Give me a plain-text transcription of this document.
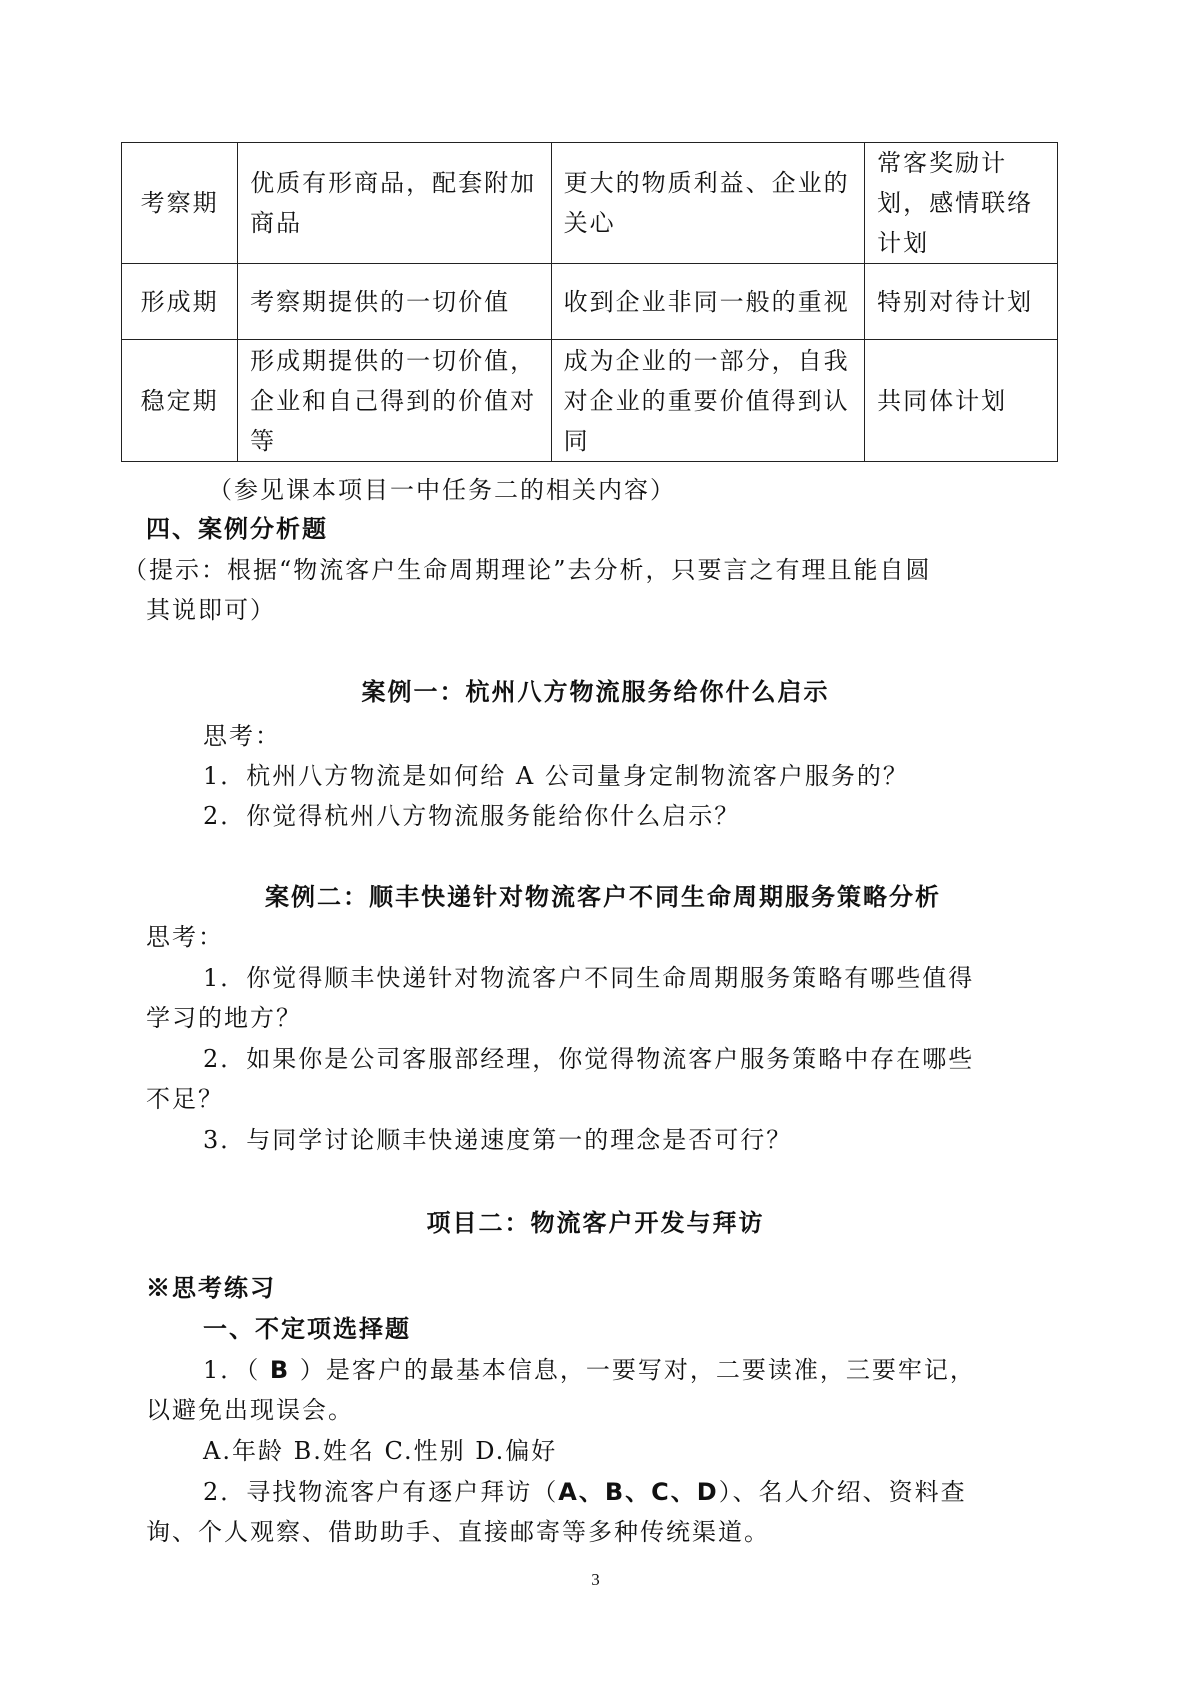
考察期	优质有形商品，配套附加商品	更大的物质利益、企业的关心	常客奖励计划，感情联络计划
形成期	考察期提供的一切价值	收到企业非同一般的重视	特别对待计划
稳定期	形成期提供的一切价值，企业和自己得到的价值对等	成为企业的一部分，自我对企业的重要价值得到认同	共同体计划
（参见课本项目一中任务二的相关内容）
四、案例分析题
（提示：根据“物流客户生命周期理论”去分析，只要言之有理且能自圆
其说即可）
案例一：杭州八方物流服务给你什么启示
思考：
1．杭州八方物流是如何给 A 公司量身定制物流客户服务的？
2．你觉得杭州八方物流服务能给你什么启示？
案例二：顺丰快递针对物流客户不同生命周期服务策略分析
思考：
1．你觉得顺丰快递针对物流客户不同生命周期服务策略有哪些值得
学习的地方？
2．如果你是公司客服部经理，你觉得物流客户服务策略中存在哪些
不足？
3．与同学讨论顺丰快递速度第一的理念是否可行？
项目二：物流客户开发与拜访
※思考练习
一、不定项选择题
1．（ B ）是客户的最基本信息，一要写对，二要读准，三要牢记，
以避免出现误会。
A.年龄 B.姓名 C.性别 D.偏好
2．寻找物流客户有逐户拜访（A、B、C、D）、名人介绍、资料查
询、个人观察、借助助手、直接邮寄等多种传统渠道。
3
